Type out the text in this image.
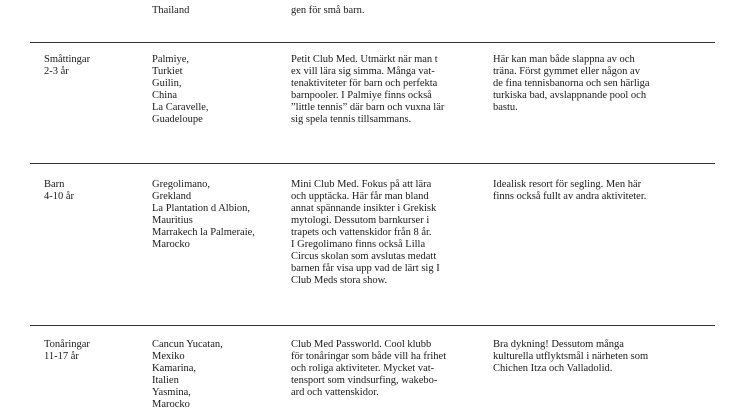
Thailand	gen för små barn.
Småttingar
2-3 år
Palmiye,
Turkiet
Guilin,
China
La Caravelle,
Guadeloupe
Petit Club Med. Utmärkt när man t
ex vill lära sig simma. Många vat-
tenaktiviteter för barn och perfekta
barnpooler. I Palmiye finns också
”little tennis” där barn och vuxna lär
sig spela tennis tillsammans.
Här kan man både slappna av och
träna. Först gymmet eller någon av
de fina tennisbanorna och sen härliga
turkiska bad, avslappnande pool och
bastu.
Barn
4-10 år
Gregolimano,
Grekland
La Plantation d Albion,
Mauritius
Marrakech la Palmeraie,
Marocko
Mini Club Med. Fokus på att lära
och upptäcka. Här får man bland
annat spännande insikter i Grekisk
mytologi. Dessutom barnkurser i
trapets och vattenskidor från 8 år.
I Gregolimano finns också Lilla
Circus skolan som avslutas medatt
barnen får visa upp vad de lärt sig I
Club Meds stora show.
Idealisk resort för segling. Men här
finns också fullt av andra aktiviteter.
Tonåringar
11-17 år
Cancun Yucatan,
Mexiko
Kamarina,
Italien
Yasmina,
Marocko
Club Med Passworld. Cool klubb
för tonåringar som både vill ha frihet
och roliga aktiviteter. Mycket vat-
tensport som vindsurfing, wakebo-
ard och vattenskidor.
Bra dykning! Dessutom många
kulturella utflyktsmål i närheten som
Chichen Itza och Valladolid.
